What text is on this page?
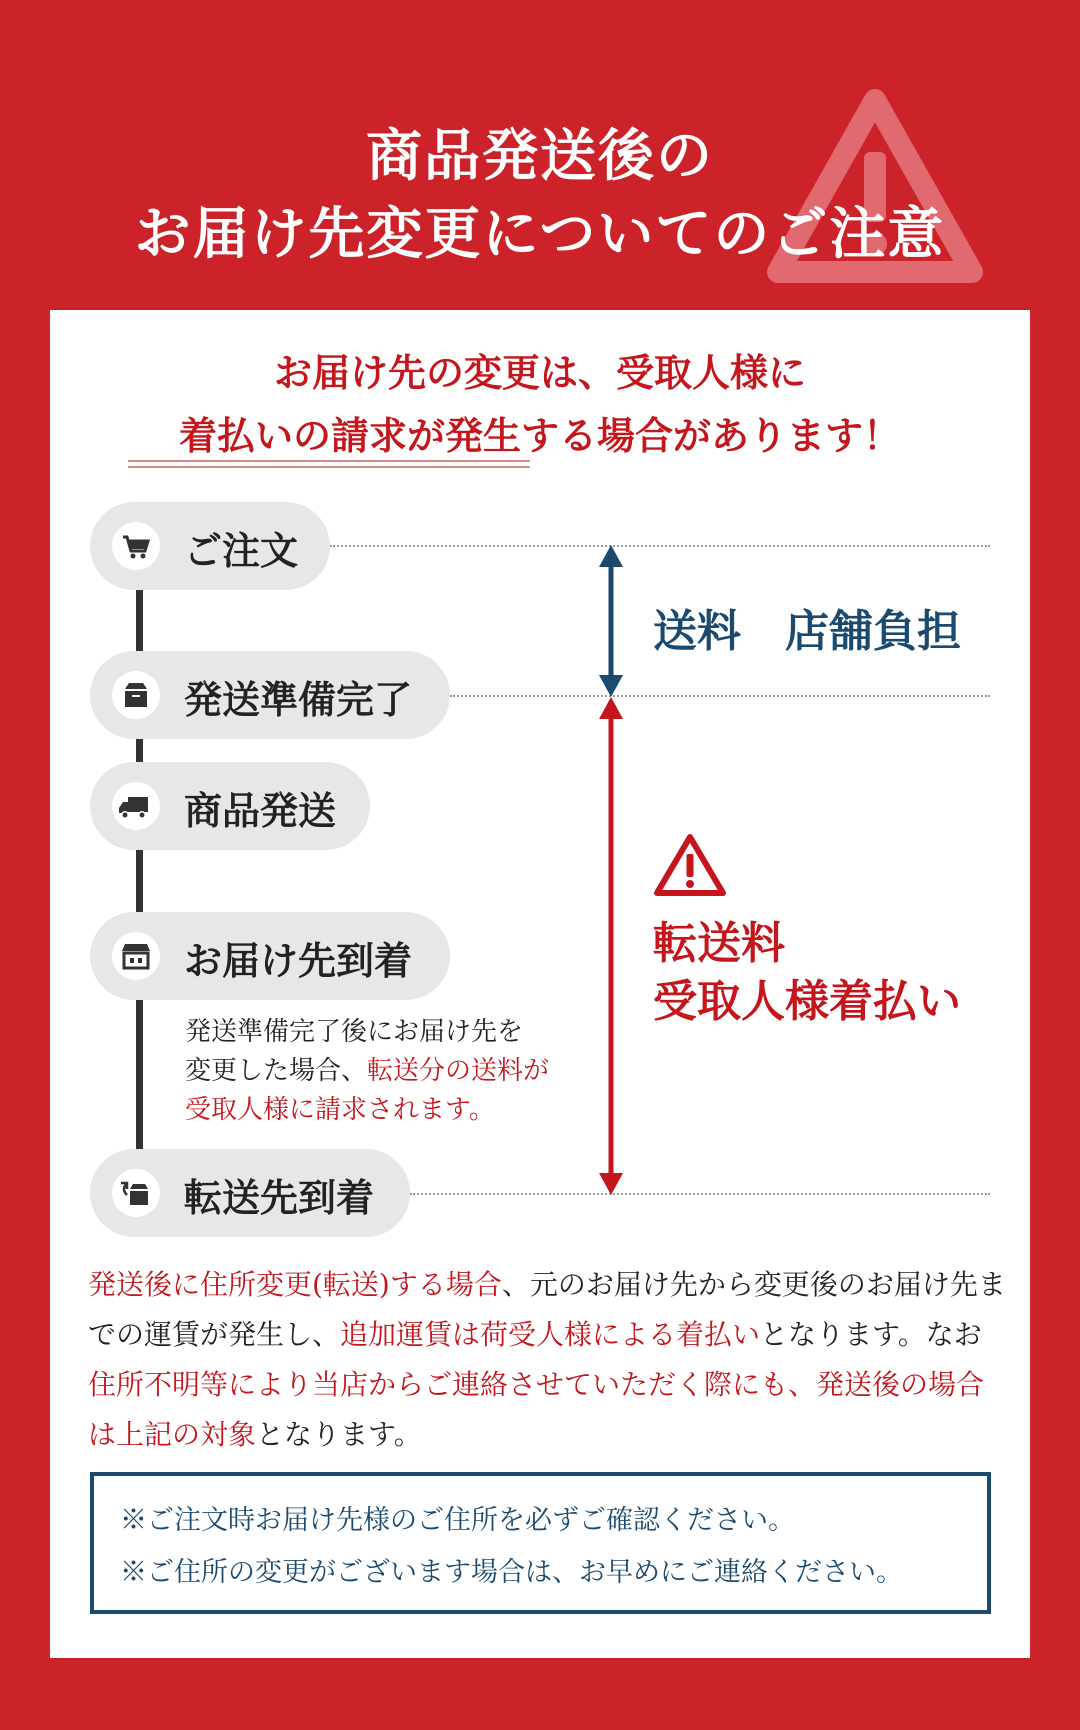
商品発送後の
お届け先変更についてのご注意
お届け先の変更は、受取人様に
着払いの請求が発生する場合があります！
ご注文
発送準備完了
商品発送
お届け先到着
発送準備完了後にお届け先を
変更した場合、転送分の送料が
受取人様に請求されます。
転送先到着
送料　店舗負担
転送料
受取人様着払い
発送後に住所変更(転送)する場合、元のお届け先から変更後のお届け先までの運賃が発生し、追加運賃は荷受人様による着払いとなります。なお住所不明等により当店からご連絡させていただく際にも、発送後の場合は上記の対象となります。
※ご注文時お届け先様のご住所を必ずご確認ください。
※ご住所の変更がございます場合は、お早めにご連絡ください。
